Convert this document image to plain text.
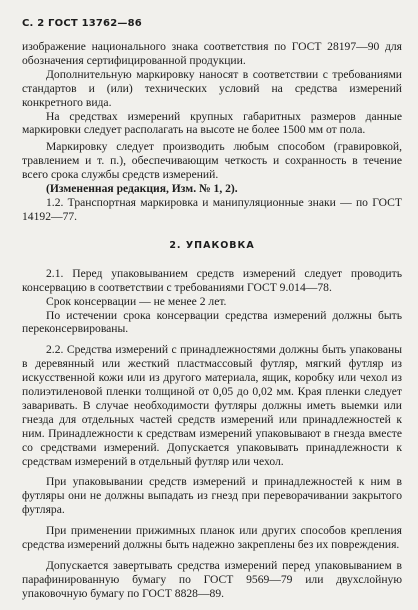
С. 2 ГОСТ 13762—86

изображение национального знака соответствия по ГОСТ 28197—90 для обозначения сертифицированной продукции.

Дополнительную маркировку наносят в соответствии с требованиями стандартов и (или) технических условий на средства измерений конкретного вида.

На средствах измерений крупных габаритных размеров данные маркировки следует располагать на высоте не более 1500 мм от пола.

Маркировку следует производить любым способом (гравировкой, травлением и т. п.), обеспечивающим четкость и сохранность в течение всего срока службы средств измерений.

(Измененная редакция, Изм. № 1, 2).

1.2. Транспортная маркировка и манипуляционные знаки — по ГОСТ 14192—77.

2. УПАКОВКА

2.1. Перед упаковыванием средств измерений следует проводить консервацию в соответствии с требованиями ГОСТ 9.014—78.

Срок консервации — не менее 2 лет.

По истечении срока консервации средства измерений должны быть переконсервированы.

2.2. Средства измерений с принадлежностями должны быть упакованы в деревянный или жесткий пластмассовый футляр, мягкий футляр из искусственной кожи или из другого материала, ящик, коробку или чехол из полиэтиленовой пленки толщиной от 0,05 до 0,02 мм. Края пленки следует заваривать. В случае необходимости футляры должны иметь выемки или гнезда для отдельных частей средств измерений или принадлежностей к ним. Принадлежности к средствам измерений упаковывают в гнезда вместе со средствами измерений. Допускается упаковывать принадлежности к средствам измерений в отдельный футляр или чехол.

При упаковывании средств измерений и принадлежностей к ним в футляры они не должны выпадать из гнезд при переворачивании закрытого футляра.

При применении прижимных планок или других способов крепления средства измерений должны быть надежно закреплены без их повреждения.

Допускается завертывать средства измерений перед упаковыванием в парафинированную бумагу по ГОСТ 9569—79 или двухслойную упаковочную бумагу по ГОСТ 8828—89.
